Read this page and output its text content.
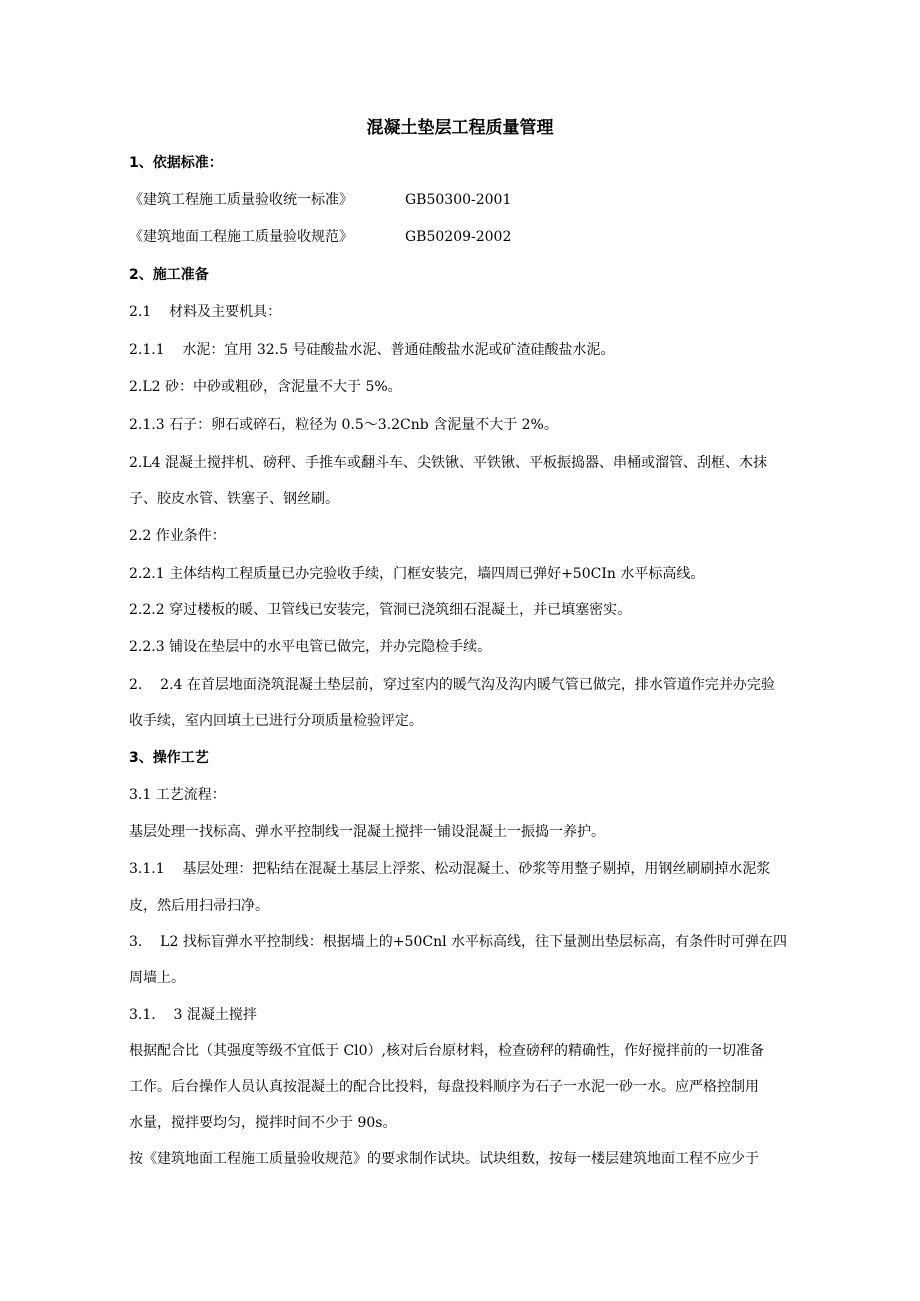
混凝土垫层工程质量管理

1、依据标准：

《建筑工程施工质量验收统一标准》	GB50300-2001
《建筑地面工程施工质量验收规范》	GB50209-2002

2、施工准备

2.1    材料及主要机具：

2.1.1    水泥：宜用 32.5 号硅酸盐水泥、普通硅酸盐水泥或矿渣硅酸盐水泥。

2.L2 砂：中砂或粗砂，含泥量不大于 5%。

2.1.3 石子：卵石或碎石，粒径为 0.5～3.2Cnb 含泥量不大于 2%。

2.L4 混凝土搅拌机、磅秤、手推车或翻斗车、尖铁锹、平铁锹、平板振捣器、串桶或溜管、刮框、木抹

子、胶皮水管、铁塞子、钢丝刷。

2.2 作业条件：

2.2.1 主体结构工程质量已办完验收手续，门框安装完，墙四周已弹好+50CIn 水平标高线。

2.2.2 穿过楼板的暖、卫管线已安装完，管洞已浇筑细石混凝土，并已填塞密实。

2.2.3 铺设在垫层中的水平电管已做完，并办完隐检手续。

2.    2.4 在首层地面浇筑混凝土垫层前，穿过室内的暖气沟及沟内暖气管已做完，排水管道作完并办完验

收手续，室内回填土已进行分项质量检验评定。

3、操作工艺

3.1 工艺流程：

基层处理一找标高、弹水平控制线一混凝土搅拌一铺设混凝土一振捣一养护。

3.1.1    基层处理：把粘结在混凝土基层上浮浆、松动混凝土、砂浆等用整子剔掉，用钢丝刷刷掉水泥浆

皮，然后用扫帚扫净。

3.    L2 找标盲弹水平控制线：根据墙上的+50Cnl 水平标高线，往下量测出垫层标高，有条件时可弹在四

周墙上。

3.1.    3 混凝土搅拌

根据配合比（其强度等级不宜低于 Cl0）,核对后台原材料，检查磅秤的精确性，作好搅拌前的一切准备

工作。后台操作人员认真按混凝土的配合比投料，每盘投料顺序为石子一水泥一砂一水。应严格控制用

水量，搅拌要均匀，搅拌时间不少于 90s。

按《建筑地面工程施工质量验收规范》的要求制作试块。试块组数，按每一楼层建筑地面工程不应少于
